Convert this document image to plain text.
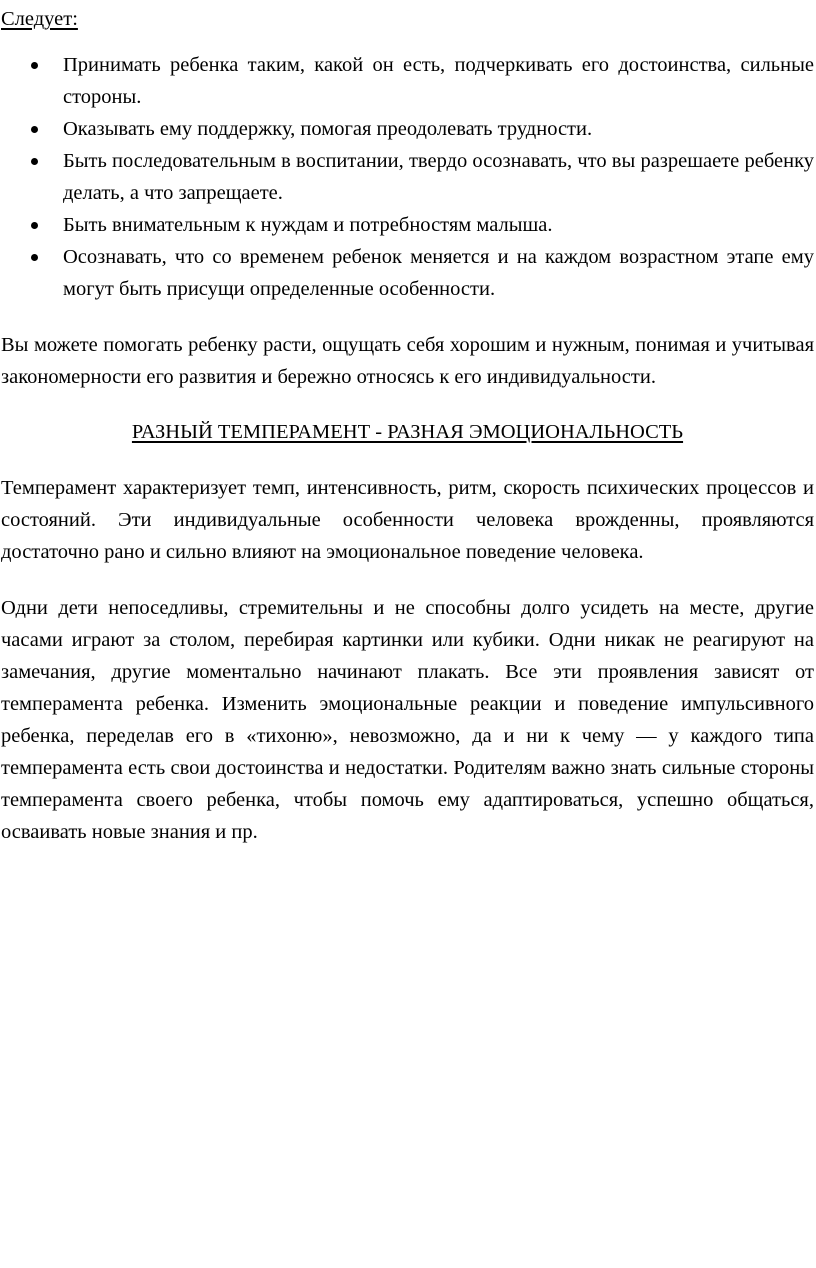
Следует:
Принимать ребенка таким, какой он есть, подчеркивать его достоинства, сильные стороны.
Оказывать ему поддержку, помогая преодолевать трудности.
Быть последовательным в воспитании, твердо осознавать, что вы разрешаете ребенку делать, а что запрещаете.
Быть внимательным к нуждам и потребностям малыша.
Осознавать, что со временем ребенок меняется и на каждом возрастном этапе ему могут быть присущи определенные особенности.

Вы можете помогать ребенку расти, ощущать себя хорошим и нужным, понимая и учитывая закономерности его развития и бережно относясь к его индивидуальности.

РАЗНЫЙ ТЕМПЕРАМЕНТ - РАЗНАЯ ЭМОЦИОНАЛЬНОСТЬ

Темперамент характеризует темп, интенсивность, ритм, скорость психических процессов и состояний. Эти индивидуальные особенности человека врожденны, проявляются достаточно рано и сильно влияют на эмоциональное поведение человека.

Одни дети непоседливы, стремительны и не способны долго усидеть на месте, другие часами играют за столом, перебирая картинки или кубики. Одни никак не реагируют на замечания, другие моментально начинают плакать. Все эти проявления зависят от темперамента ребенка. Изменить эмоциональные реакции и поведение импульсивного ребенка, переделав его в «тихоню», невозможно, да и ни к чему — у каждого типа темперамента есть свои достоинства и недостатки. Родителям важно знать сильные стороны темперамента своего ребенка, чтобы помочь ему адаптироваться, успешно общаться, осваивать новые знания и пр.
